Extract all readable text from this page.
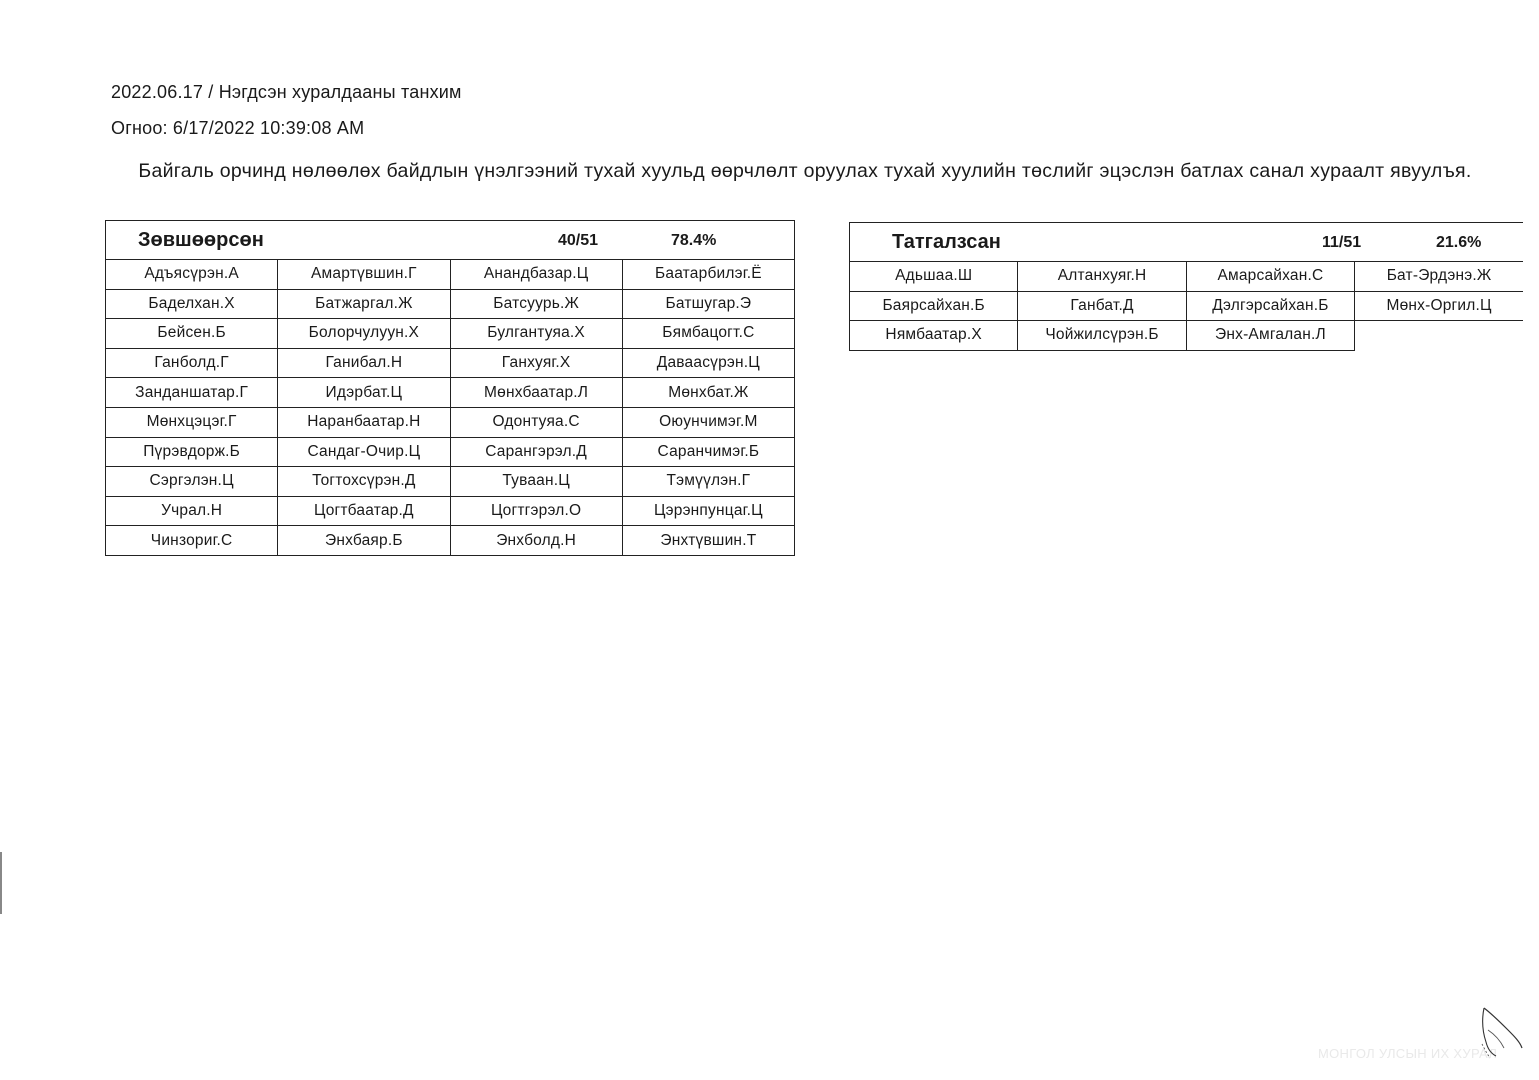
2022.06.17 / Нэгдсэн хуралдааны танхим
Огноо: 6/17/2022 10:39:08 AM
Байгаль орчинд нөлөөлөх байдлын үнэлгээний тухай хуульд өөрчлөлт оруулах тухай хуулийн төслийг эцэслэн батлах санал хураалт явуулъя.
Зөвшөөрсөн	40/51	78.4%
Адъясүрэн.А	Амартүвшин.Г	Анандбазар.Ц	Баатарбилэг.Ё
Баделхан.Х	Батжаргал.Ж	Батсуурь.Ж	Батшугар.Э
Бейсен.Б	Болорчулуун.Х	Булгантуяа.Х	Бямбацогт.С
Ганболд.Г	Ганибал.Н	Ганхуяг.Х	Даваасүрэн.Ц
Занданшатар.Г	Идэрбат.Ц	Мөнхбаатар.Л	Мөнхбат.Ж
Мөнхцэцэг.Г	Наранбаатар.Н	Одонтуяа.С	Оюунчимэг.М
Пүрэвдорж.Б	Сандаг-Очир.Ц	Сарангэрэл.Д	Саранчимэг.Б
Сэргэлэн.Ц	Тогтохсүрэн.Д	Туваан.Ц	Тэмүүлэн.Г
Учрал.Н	Цогтбаатар.Д	Цогтгэрэл.О	Цэрэнпунцаг.Ц
Чинзориг.С	Энхбаяр.Б	Энхболд.Н	Энхтүвшин.Т
Татгалзсан	11/51	21.6%
Адьшаа.Ш	Алтанхуяг.Н	Амарсайхан.С	Бат-Эрдэнэ.Ж
Баярсайхан.Б	Ганбат.Д	Дэлгэрсайхан.Б	Мөнх-Оргил.Ц
Нямбаатар.Х	Чойжилсүрэн.Б	Энх-Амгалан.Л	
МОНГОЛ УЛСЫН ИХ ХУРАЛ
